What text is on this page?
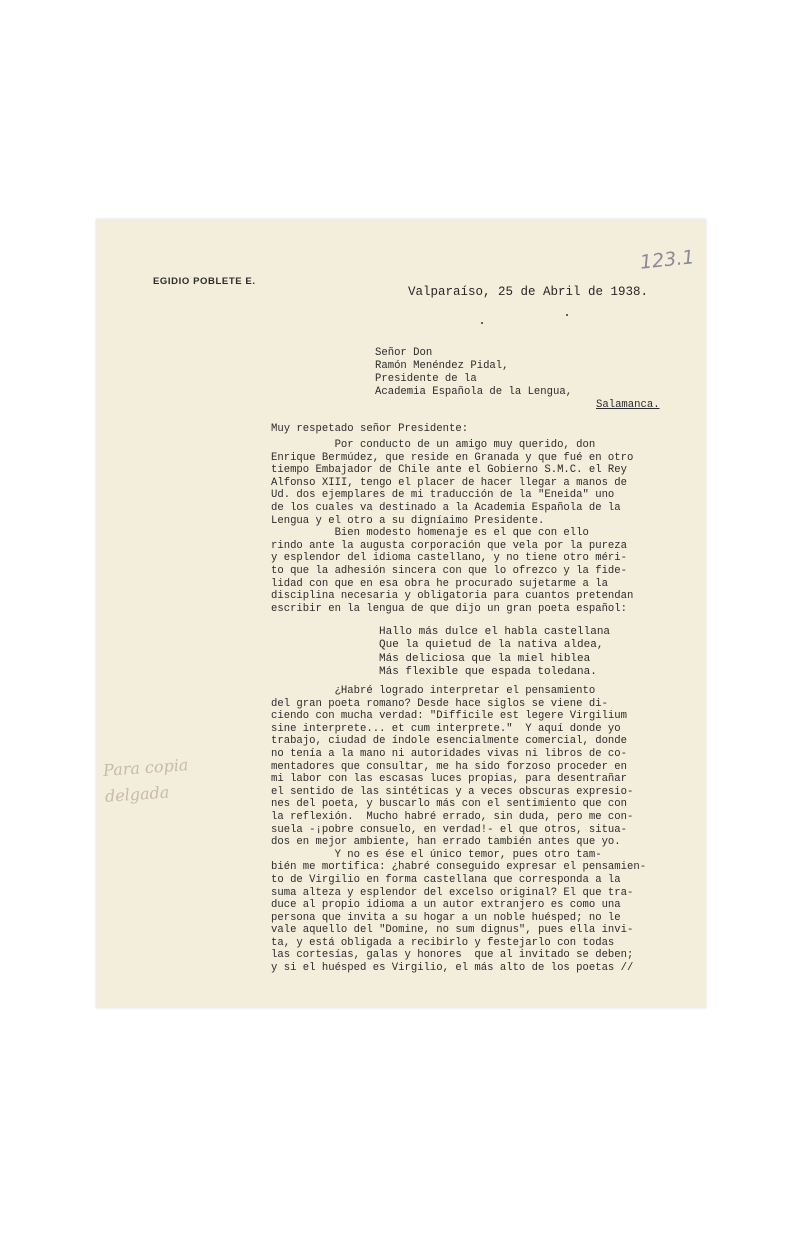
EGIDIO POBLETE E.
123.1
Valparaíso, 25 de Abril de 1938.
Señor Don
Ramón Menéndez Pidal,
Presidente de la
Academia Española de la Lengua,
Salamanca.
Muy respetado señor Presidente:
Por conducto de un amigo muy querido, don
Enrique Bermúdez, que reside en Granada y que fué en otro
tiempo Embajador de Chile ante el Gobierno S.M.C. el Rey
Alfonso XIII, tengo el placer de hacer llegar a manos de
Ud. dos ejemplares de mi traducción de la "Eneida" uno
de los cuales va destinado a la Academia Española de la
Lengua y el otro a su digníaimo Presidente.
Bien modesto homenaje es el que con ello
rindo ante la augusta corporación que vela por la pureza
y esplendor del idioma castellano, y no tiene otro méri-
to que la adhesión sincera con que lo ofrezco y la fide-
lidad con que en esa obra he procurado sujetarme a la
disciplina necesaria y obligatoria para cuantos pretendan
escribir en la lengua de que dijo un gran poeta español:
Hallo más dulce el habla castellana
Que la quietud de la nativa aldea,
Más deliciosa que la miel hiblea
Más flexible que espada toledana.
¿Habré logrado interpretar el pensamiento
del gran poeta romano? Desde hace siglos se viene di-
ciendo con mucha verdad: "Difficile est legere Virgilium
sine interprete... et cum interprete."  Y aquí donde yo
trabajo, ciudad de índole esencialmente comercial, donde
no tenía a la mano ni autoridades vivas ni libros de co-
mentadores que consultar, me ha sido forzoso proceder en
mi labor con las escasas luces propias, para desentrañar
el sentido de las sintéticas y a veces obscuras expresio-
nes del poeta, y buscarlo más con el sentimiento que con
la reflexión.  Mucho habré errado, sin duda, pero me con-
suela -¡pobre consuelo, en verdad!- el que otros, situa-
dos en mejor ambiente, han errado también antes que yo.
Y no es ése el único temor, pues otro tam-
bién me mortifica: ¿habré conseguido expresar el pensamien-
to de Virgilio en forma castellana que corresponda a la
suma alteza y esplendor del excelso original? El que tra-
duce al propio idioma a un autor extranjero es como una
persona que invita a su hogar a un noble huésped; no le
vale aquello del "Domine, no sum dignus", pues ella invi-
ta, y está obligada a recibirlo y festejarlo con todas
las cortesías, galas y honores  que al invitado se deben;
y si el huésped es Virgilio, el más alto de los poetas //
Para copia
delgada
